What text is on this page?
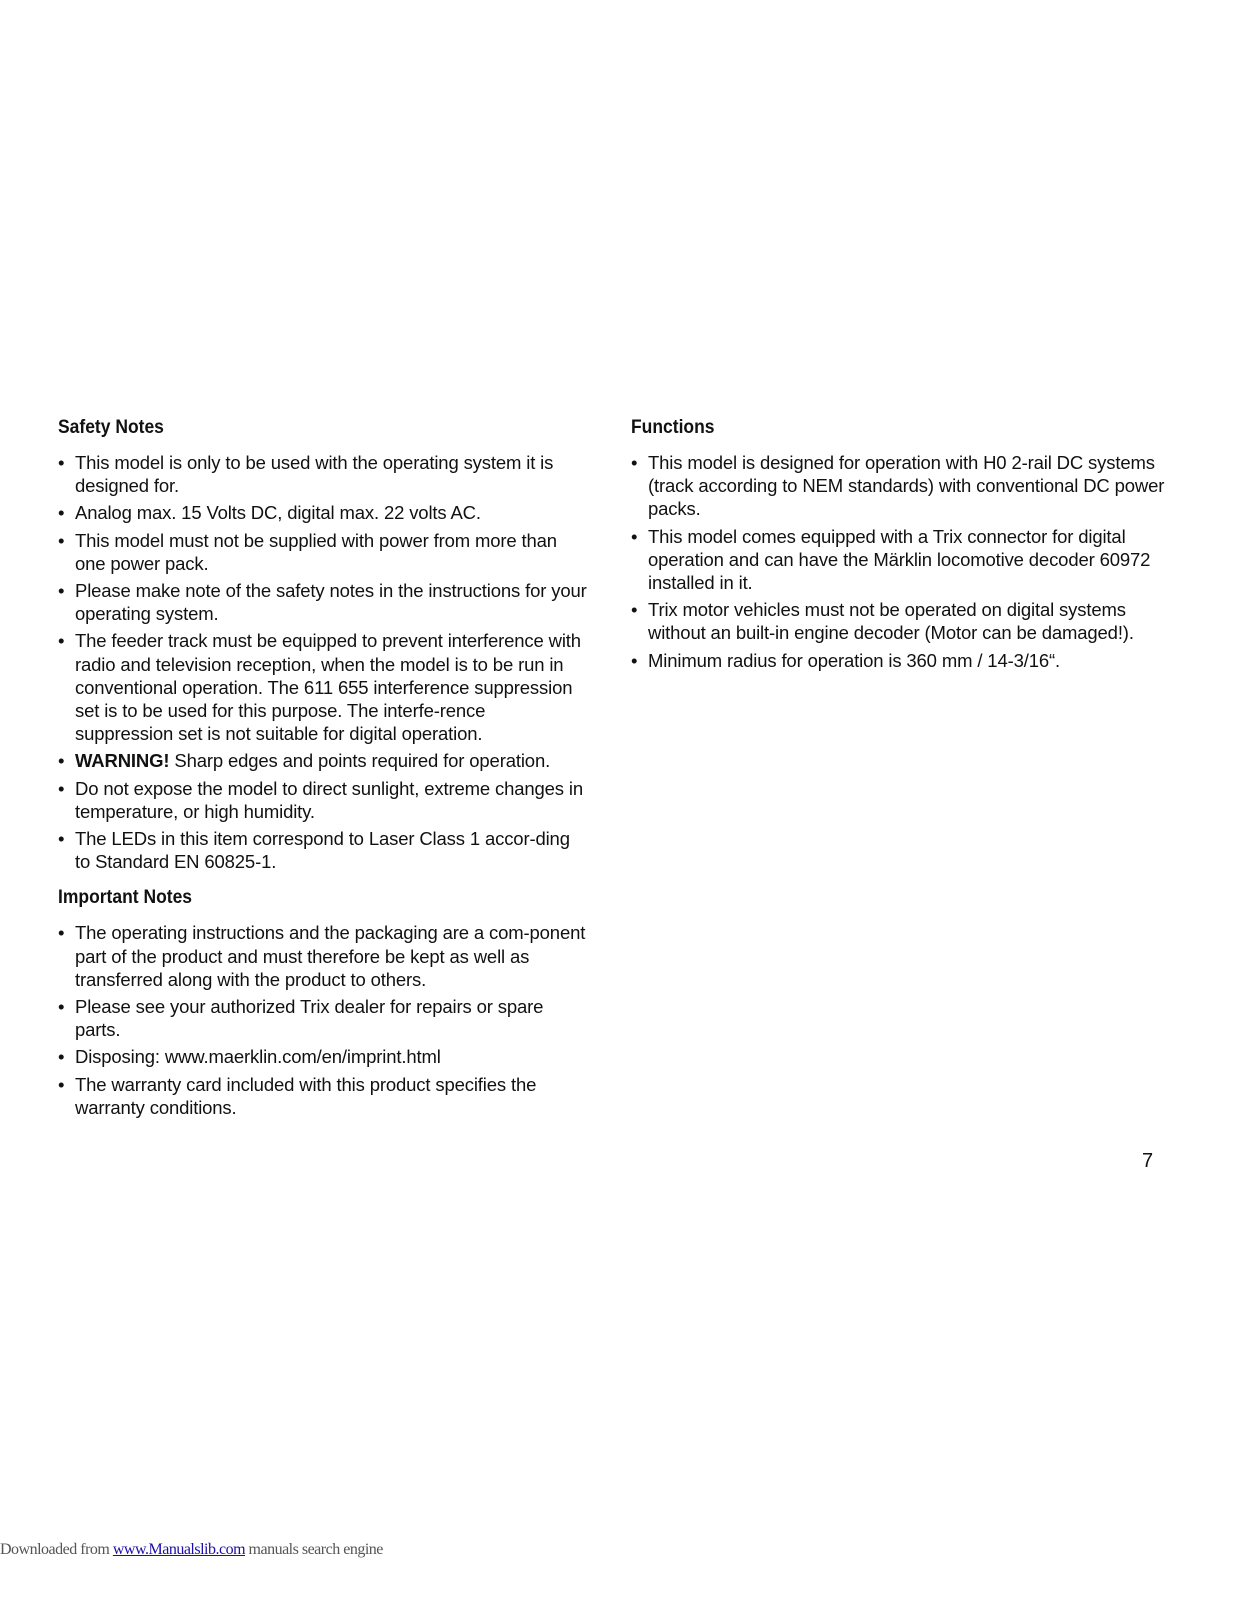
Safety Notes
• This model is only to be used with the operating system it is designed for.
• Analog max. 15 Volts DC, digital max. 22 volts AC.
• This model must not be supplied with power from more than one power pack.
• Please make note of the safety notes in the instructions for your operating system.
• The feeder track must be equipped to prevent interference with radio and television reception, when the model is to be run in conventional operation. The 611 655 interference suppression set is to be used for this purpose. The interfe-rence suppression set is not suitable for digital operation.
• WARNING! Sharp edges and points required for operation.
• Do not expose the model to direct sunlight, extreme changes in temperature, or high humidity.
• The LEDs in this item correspond to Laser Class 1 accor-ding to Standard EN 60825-1.
Important Notes
• The operating instructions and the packaging are a com-ponent part of the product and must therefore be kept as well as transferred along with the product to others.
• Please see your authorized Trix dealer for repairs or spare parts.
• Disposing: www.maerklin.com/en/imprint.html
• The warranty card included with this product specifies the warranty conditions.
Functions
• This model is designed for operation with H0 2-rail DC systems (track according to NEM standards) with conventional DC power packs.
• This model comes equipped with a Trix connector for digital operation and can have the Märklin locomotive decoder 60972 installed in it.
• Trix motor vehicles must not be operated on digital systems without an built-in engine decoder (Motor can be damaged!).
• Minimum radius for operation is 360 mm / 14-3/16“.
7
Downloaded from www.Manualslib.com manuals search engine
